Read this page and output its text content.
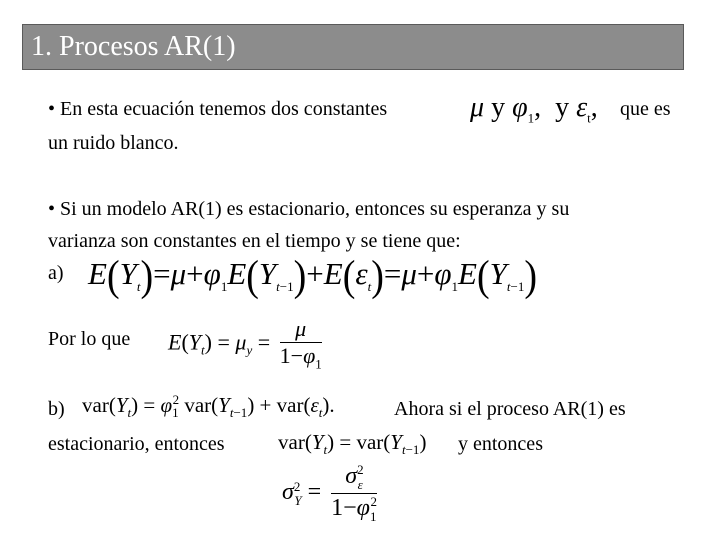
1. Procesos AR(1)
• En esta ecuación tenemos dos constantes	μ y $\varphi_1$,  y $\varepsilon_t$, que es
un ruido blanco.
• Si un modelo AR(1) es estacionario, entonces su esperanza y su
varianza son constantes en el tiempo y se tiene que:
a) $E(Y_t)=\mu+\varphi_1E(Y_{t-1})+E(\varepsilon_t)=\mu+\varphi_1E(Y_{t-1})$
Por lo que $E(Y_t) = \mu_y = \frac{\mu}{1-\varphi_1}$
b) $var(Y_t) = \varphi_1^2$ $var(Y_{t-1}) + var(\varepsilon_t)$.	Ahora si el proceso AR(1) es
estacionario, entonces	$var(Y_t) = var(Y_{t-1})$ y entonces
$\sigma^2_Y = \frac{\sigma^2_\varepsilon}{1-\varphi_1^2}$
